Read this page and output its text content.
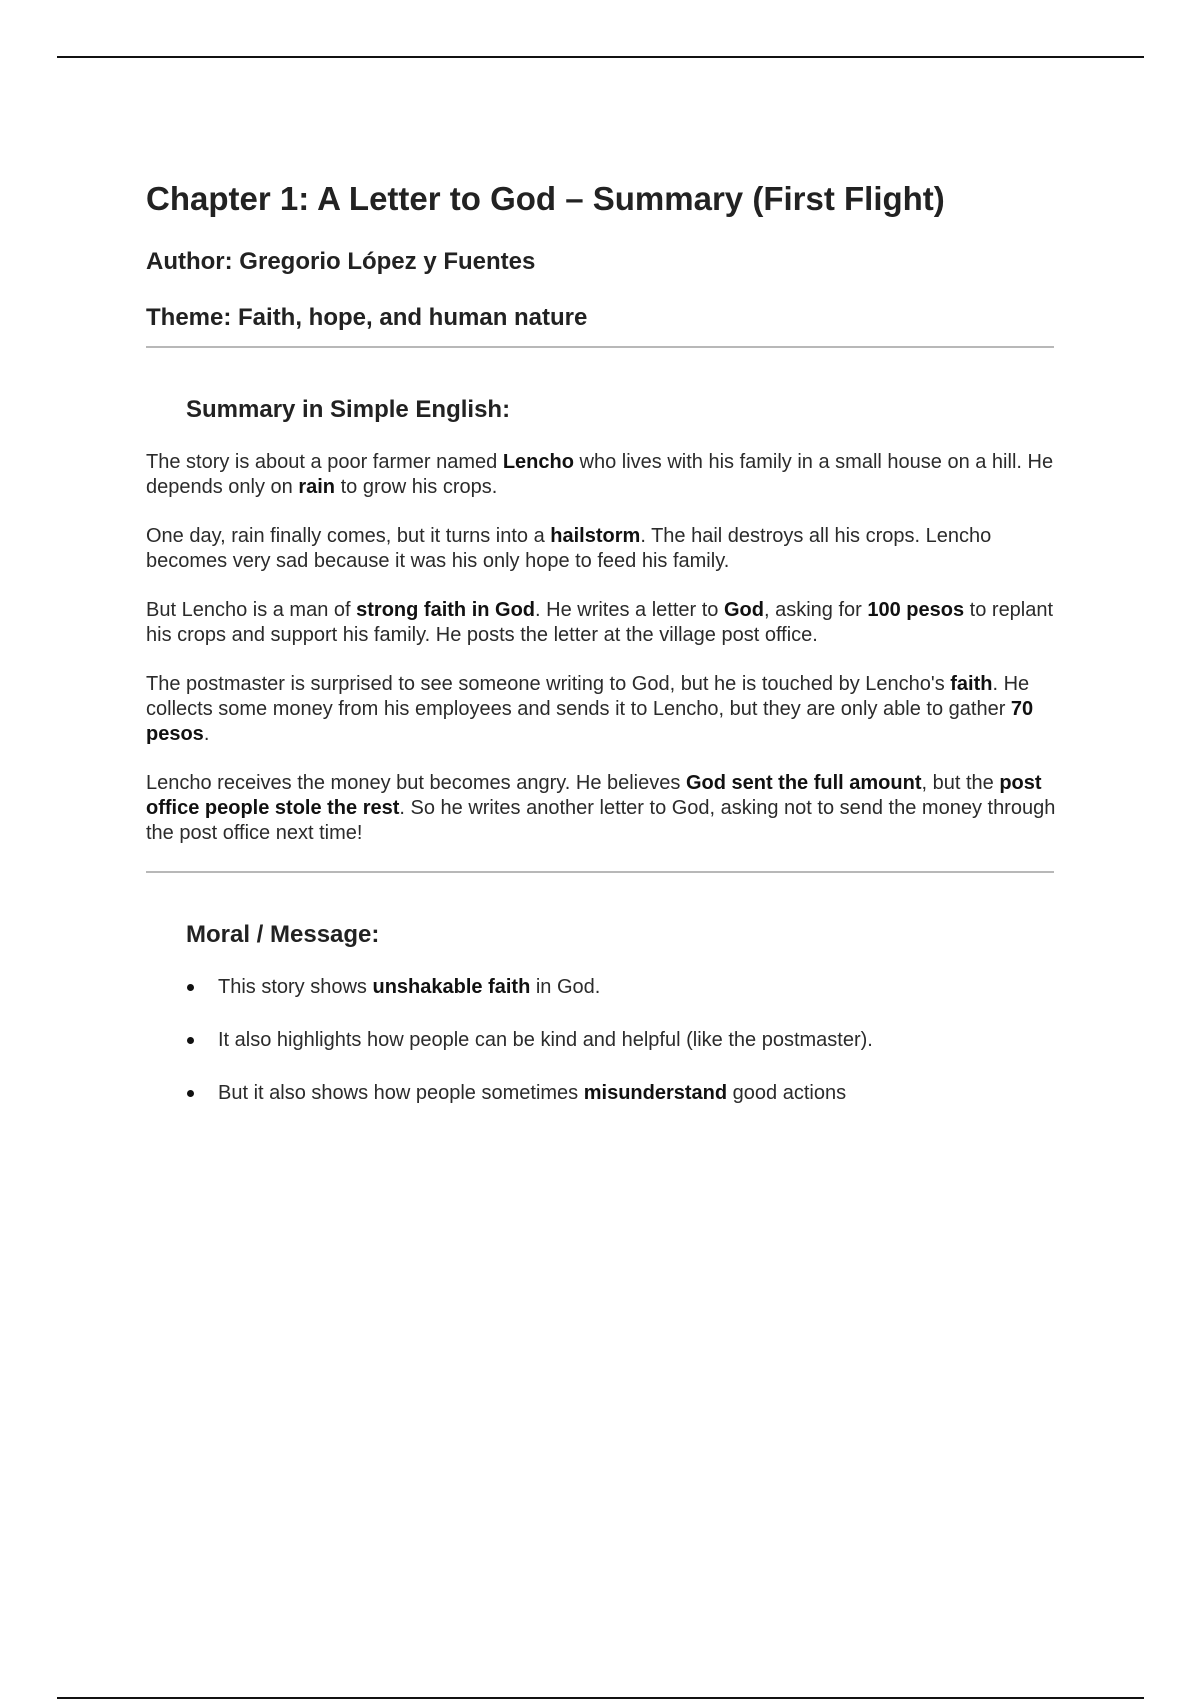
Chapter 1: A Letter to God – Summary (First Flight)
Author: Gregorio López y Fuentes
Theme: Faith, hope, and human nature
Summary in Simple English:

The story is about a poor farmer named Lencho who lives with his family in a small house on a hill. He depends only on rain to grow his crops.

One day, rain finally comes, but it turns into a hailstorm. The hail destroys all his crops. Lencho becomes very sad because it was his only hope to feed his family.

But Lencho is a man of strong faith in God. He writes a letter to God, asking for 100 pesos to replant his crops and support his family. He posts the letter at the village post office.

The postmaster is surprised to see someone writing to God, but he is touched by Lencho's faith. He collects some money from his employees and sends it to Lencho, but they are only able to gather 70 pesos.

Lencho receives the money but becomes angry. He believes God sent the full amount, but the post office people stole the rest. So he writes another letter to God, asking not to send the money through the post office next time!

Moral / Message:
This story shows unshakable faith in God.
It also highlights how people can be kind and helpful (like the postmaster).
But it also shows how people sometimes misunderstand good actions
